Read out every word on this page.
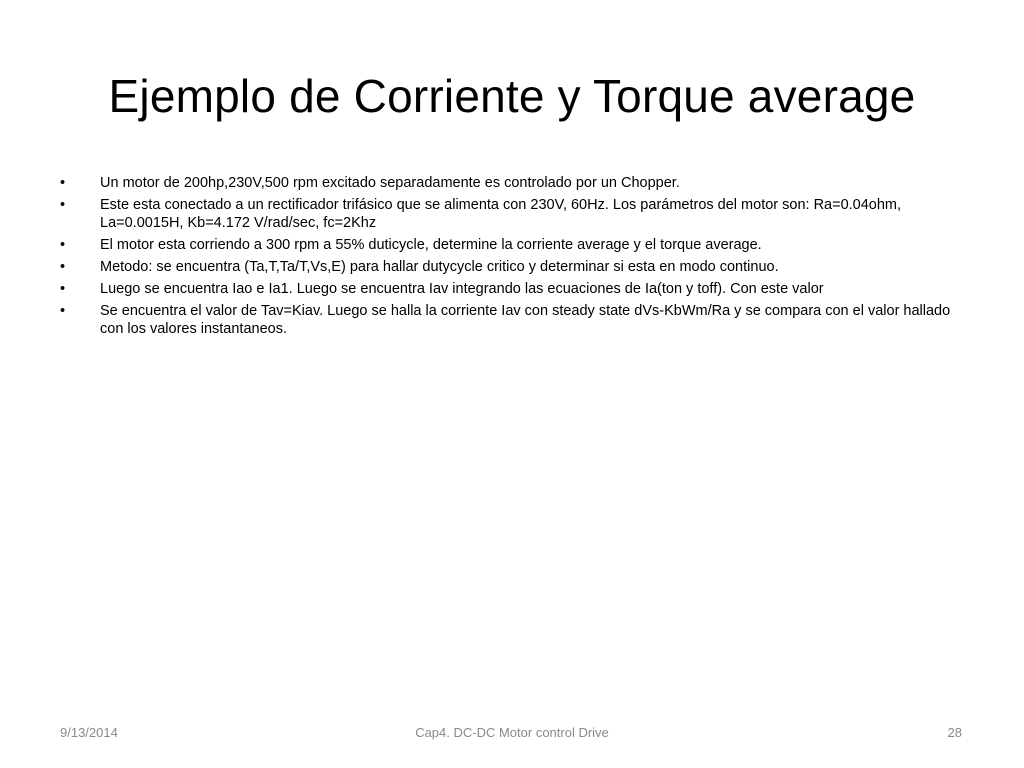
Ejemplo de Corriente y Torque average
•	Un motor de 200hp,230V,500 rpm excitado separadamente es controlado por un Chopper.
•	Este esta conectado a un rectificador trifásico que se alimenta con 230V, 60Hz. Los parámetros del motor son: Ra=0.04ohm, La=0.0015H, Kb=4.172 V/rad/sec, fc=2Khz
•	El motor esta corriendo a 300 rpm a 55% duticycle, determine la corriente average y el torque average.
•	Metodo: se encuentra (Ta,T,Ta/T,Vs,E) para hallar dutycycle critico y determinar si esta en modo continuo.
•	Luego se encuentra Iao e Ia1. Luego se encuentra Iav integrando las ecuaciones de Ia(ton y toff). Con este valor
•	Se encuentra el valor de Tav=Kiav. Luego se halla la corriente Iav con steady state dVs-KbWm/Ra y se compara con el valor hallado con los valores instantaneos.
9/13/2014	Cap4. DC-DC Motor control Drive	28
